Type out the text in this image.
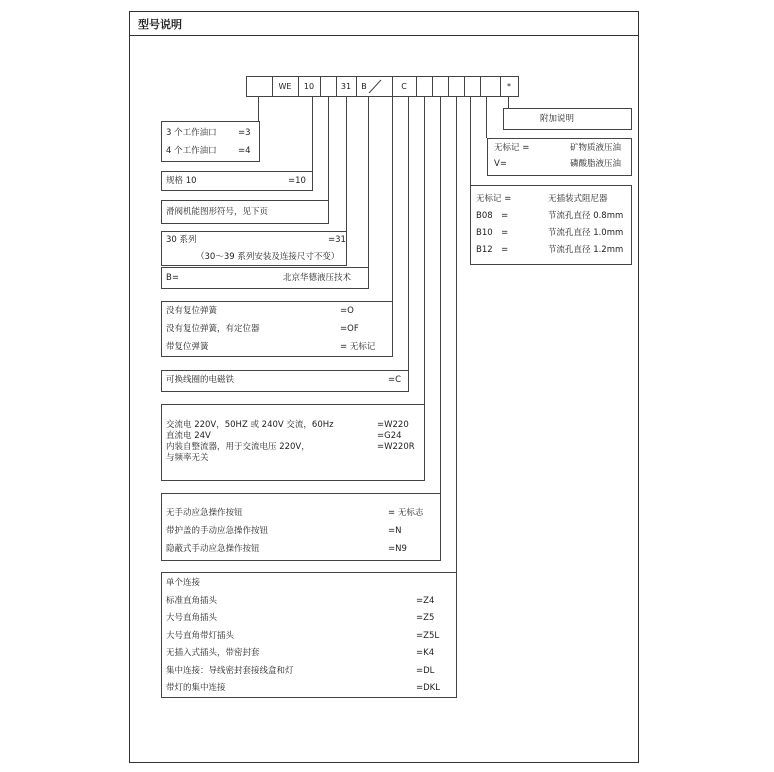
型号说明
WE	10	31	B	C	*
3 个工作油口	=3
4 个工作油口	=4
规格 10	=10
滑阀机能图形符号，见下页
30 系列	=31
（30～39 系列安装及连接尺寸不变）
B=	北京华德液压技术
没有复位弹簧	=O
没有复位弹簧，有定位器	=OF
带复位弹簧	= 无标记
可换线圈的电磁铁	=C
交流电 220V，50HZ 或 240V 交流，60Hz	=W220
直流电 24V	=G24
内装自整流器，用于交流电压 220V，	=W220R
与频率无关
无手动应急操作按钮	= 无标志
带护盖的手动应急操作按钮	=N
隐蔽式手动应急操作按钮	=N9
单个连接
标准直角插头	=Z4
大号直角插头	=Z5
大号直角带灯插头	=Z5L
无插入式插头，带密封套	=K4
集中连接：导线密封套接线盒和灯	=DL
带灯的集中连接	=DKL
附加说明
无标记 =	矿物质液压油
V=	磷酸脂液压油
无标记 =	无插装式阻尼器
B08　=	节流孔直径 0.8mm
B10　=	节流孔直径 1.0mm
B12　=	节流孔直径 1.2mm
